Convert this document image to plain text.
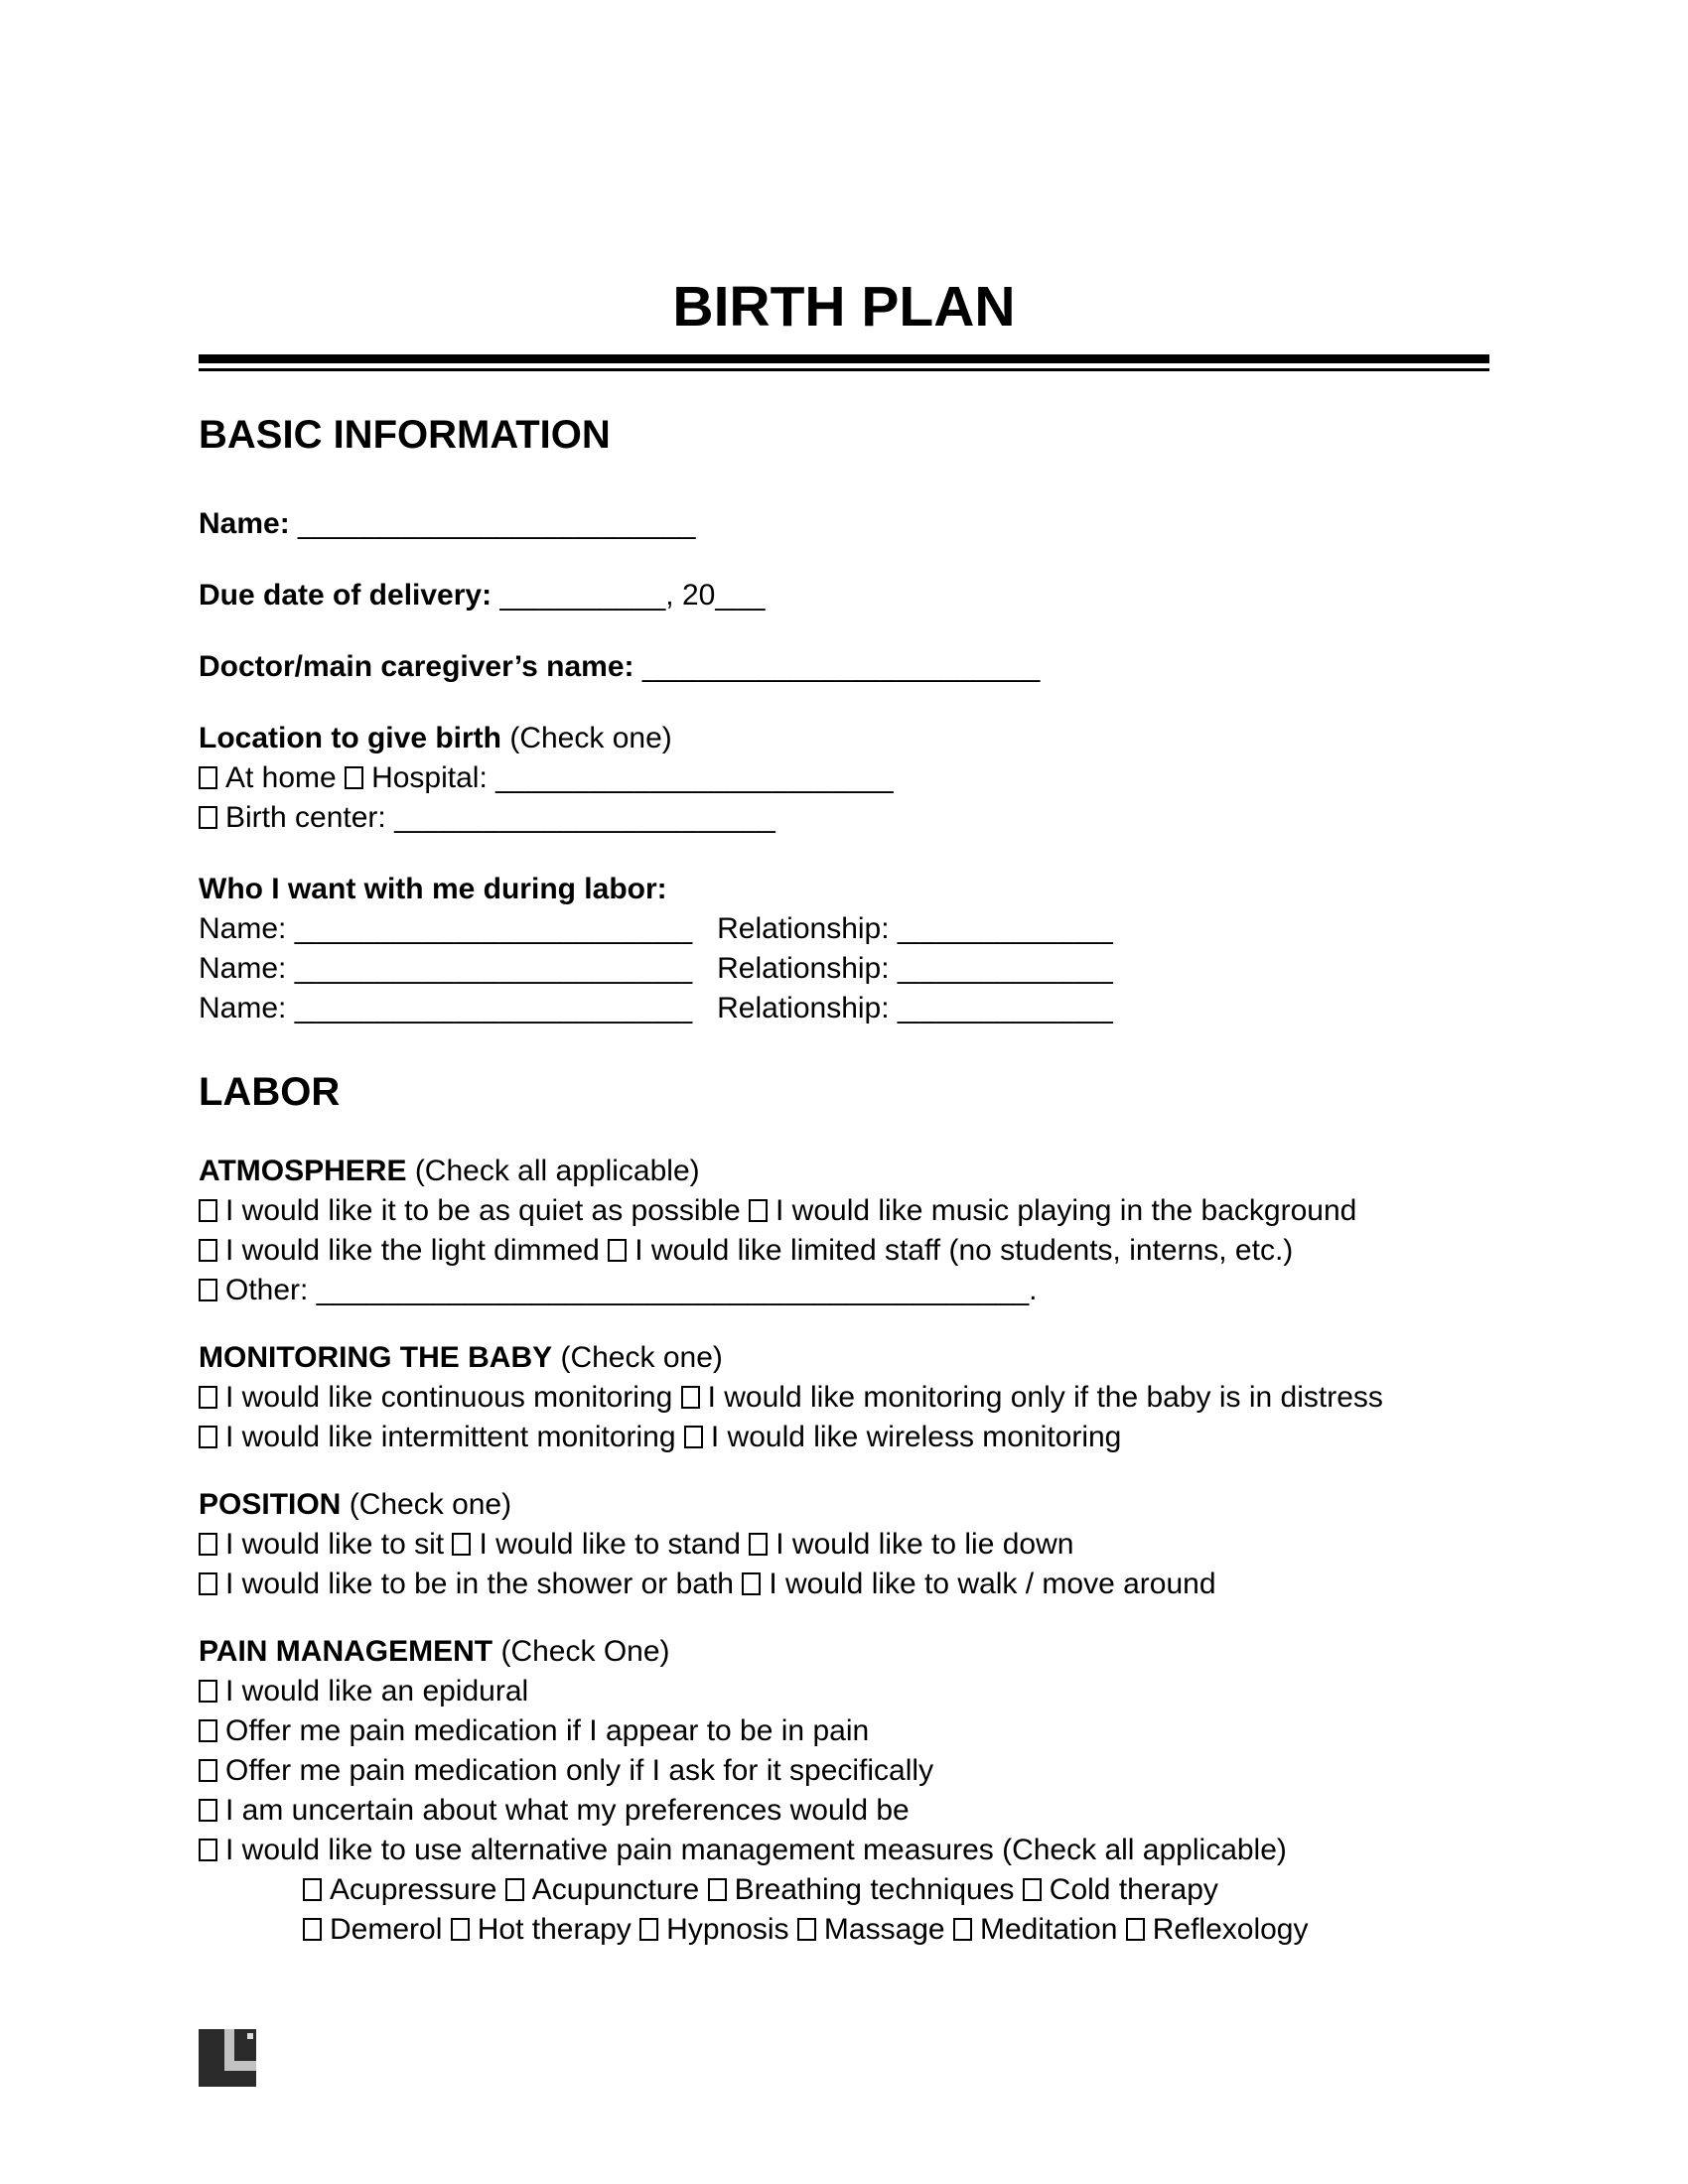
BIRTH PLAN
BASIC INFORMATION

Name: ________________________

Due date of delivery: __________, 20___

Doctor/main caregiver’s name: ________________________

Location to give birth (Check one)

At home Hospital: ________________________

Birth center: _______________________

Who I want with me during labor:

Name: ________________________ Relationship: _____________

Name: ________________________ Relationship: _____________

Name: ________________________ Relationship: _____________

LABOR

ATMOSPHERE (Check all applicable)

I would like it to be as quiet as possible I would like music playing in the background

I would like the light dimmed I would like limited staff (no students, interns, etc.)

Other: ___________________________________________.

MONITORING THE BABY (Check one)

I would like continuous monitoring I would like monitoring only if the baby is in distress

I would like intermittent monitoring I would like wireless monitoring

POSITION (Check one)

I would like to sit I would like to stand I would like to lie down

I would like to be in the shower or bath I would like to walk / move around

PAIN MANAGEMENT (Check One)

I would like an epidural

Offer me pain medication if I appear to be in pain

Offer me pain medication only if I ask for it specifically

I am uncertain about what my preferences would be

I would like to use alternative pain management measures (Check all applicable)

Acupressure Acupuncture Breathing techniques Cold therapy

Demerol Hot therapy Hypnosis Massage Meditation Reflexology
